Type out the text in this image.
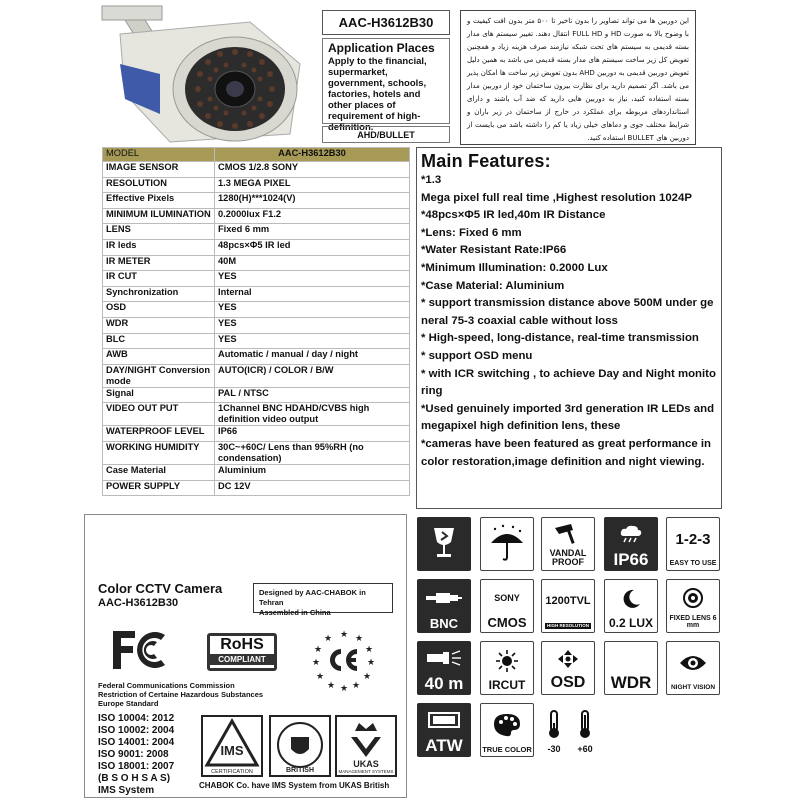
AAC-H3612B30
Application Places
Apply to the financial, supermarket, government, schools, factories, hotels and other places of requirement of high-definition.
AHD/BULLET
این دوربین ها می تواند تصاویر را بدون تاخیر تا ۵۰۰ متر بدون افت کیفیت و با وضوح بالا به صورت HD و FULL HD انتقال دهند. تغییر سیستم های مدار بسته قدیمی به سیستم های تحت شبکه نیازمند صرف هزینه زیاد و همچنین تعویض کل زیر ساخت سیستم های مدار بسته قدیمی می باشد به همین دلیل تعویض دوربین قدیمی به دوربین AHD بدون تعویض زیر ساخت ها امکان پذیر می باشد. اگر تصمیم دارید برای نظارت بیرون ساختمان خود از دوربین مدار بسته استفاده کنید، نیاز به دوربین هایی دارید که ضد آب باشند و دارای استانداردهای مربوطه برای عملکرد در خارج از ساختمان در زیر باران و شرایط مختلف جوی و دماهای خیلی زیاد یا کم را داشته باشد می بایست از دوربین های BULLET استفاده کنید.
MODEL	AAC-H3612B30
IMAGE SENSOR	CMOS 1/2.8 SONY
RESOLUTION	1.3 MEGA PIXEL
Effective Pixels	1280(H)***1024(V)
MINIMUM ILUMINATION	0.2000lux F1.2
LENS	Fixed 6 mm
IR leds	48pcs×Φ5 IR led
IR METER	40M
IR CUT	YES
Synchronization	Internal
OSD	YES
WDR	YES
BLC	YES
AWB	Automatic / manual / day / night
DAY/NIGHT Conversion mode	AUTO(ICR) / COLOR / B/W
Signal	PAL / NTSC
VIDEO OUT PUT	1Channel BNC HDAHD/CVBS high definition video output
WATERPROOF LEVEL	IP66
WORKING HUMIDITY	30C~+60C/ Lens than 95%RH (no condensation)
Case Material	Aluminium
POWER SUPPLY	DC 12V
Main Features:
*1.3
Mega pixel full real time ,Highest resolution 1024P
*48pcs×Φ5 IR led,40m IR Distance
*Lens: Fixed 6 mm
*Water Resistant Rate:IP66
*Minimum Illumination: 0.2000 Lux
*Case Material: Aluminium
* support transmission distance above 500M under general 75-3 coaxial cable without loss
* High-speed, long-distance, real-time transmission
* support OSD menu
* with ICR switching , to achieve Day and Night monitoring
*Used genuinely imported 3rd generation IR LEDs and megapixel high definition lens, these
*cameras have been featured as great performance in color restoration,image definition and night viewing.
Color CCTV Camera
AAC-H3612B30
Designed by AAC-CHABOK in Tehran
Assembled in China
RoHS
COMPLIANT
★ ★
★
★
★
★
★
★
★
★
★
★
Federal Communications Commission
Restriction of Certaine Hazardous Substances
Europe Standard
ISO 10004: 2012
ISO 10002: 2004
ISO 14001: 2004
ISO 9001: 2008
ISO 18001: 2007
(B S O H S A S)
IMS System
IMS
CERTIFICATION	BRITISH
UKAS
MANAGEMENT SYSTEMS
CHABOK Co. have IMS System from UKAS British
VANDAL PROOF	IP66
1-2-3
EASY TO USE
BNC
SONY
CMOS
1200TVL
HIGH RESOLUTION 0.2 LUX	FIXED LENS 6 mm
40 m IRCUT OSD WDR	NIGHT VISION
ATW	TRUE COLOR -30 +60
